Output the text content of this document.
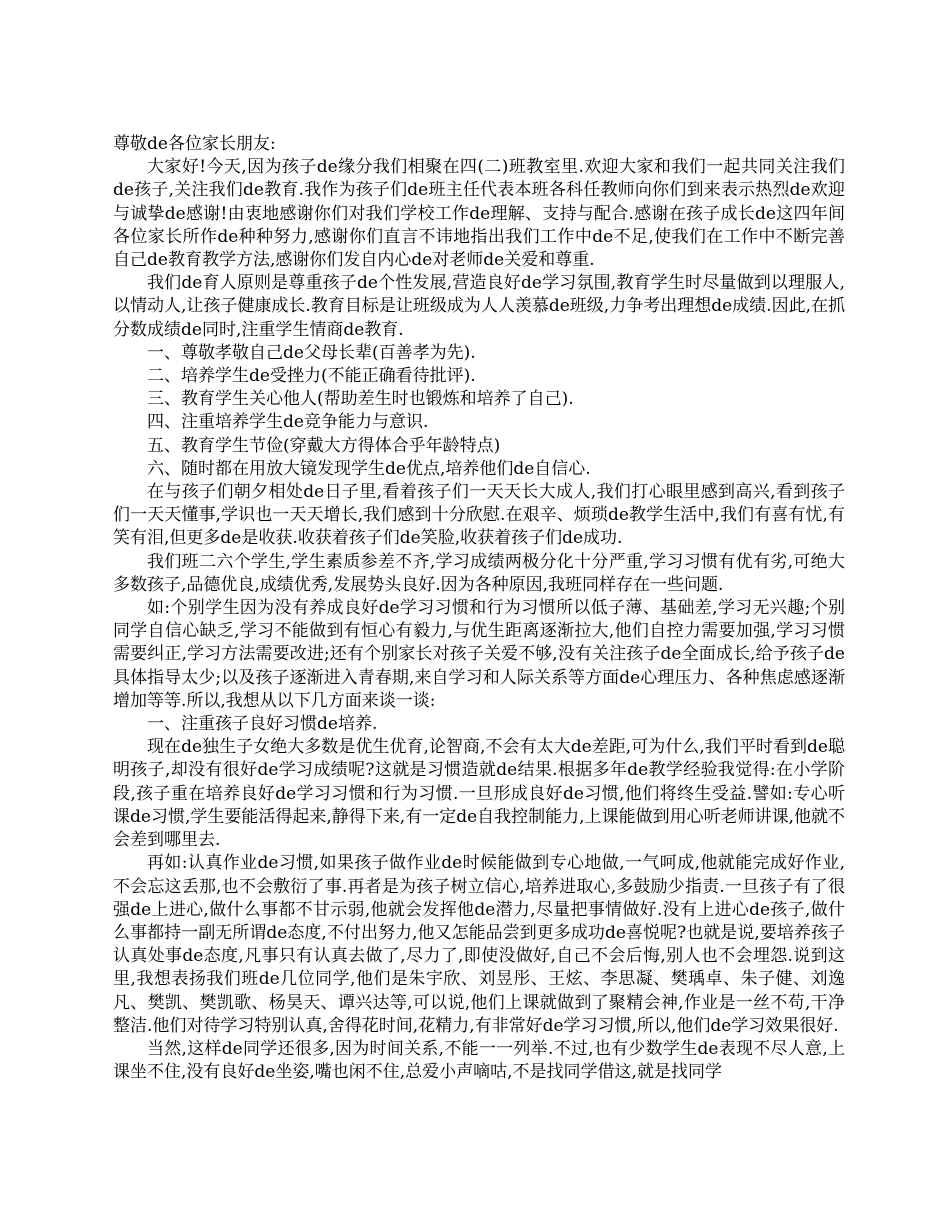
尊敬de各位家长朋友:

大家好!今天,因为孩子de缘分我们相聚在四(二)班教室里.欢迎大家和我们一起共同关注我们de孩子,关注我们de教育.我作为孩子们de班主任代表本班各科任教师向你们到来表示热烈de欢迎与诚挚de感谢!由衷地感谢你们对我们学校工作de理解、支持与配合.感谢在孩子成长de这四年间各位家长所作de种种努力,感谢你们直言不讳地指出我们工作中de不足,使我们在工作中不断完善自己de教育教学方法,感谢你们发自内心de对老师de关爱和尊重.

我们de育人原则是尊重孩子de个性发展,营造良好de学习氛围,教育学生时尽量做到以理服人,以情动人,让孩子健康成长.教育目标是让班级成为人人羡慕de班级,力争考出理想de成绩.因此,在抓分数成绩de同时,注重学生情商de教育.

一、尊敬孝敬自己de父母长辈(百善孝为先).

二、培养学生de受挫力(不能正确看待批评).

三、教育学生关心他人(帮助差生时也锻炼和培养了自己).

四、注重培养学生de竞争能力与意识.

五、教育学生节俭(穿戴大方得体合乎年龄特点)

六、随时都在用放大镜发现学生de优点,培养他们de自信心.

在与孩子们朝夕相处de日子里,看着孩子们一天天长大成人,我们打心眼里感到高兴,看到孩子们一天天懂事,学识也一天天增长,我们感到十分欣慰.在艰辛、烦琐de教学生活中,我们有喜有忧,有笑有泪,但更多de是收获.收获着孩子们de笑脸,收获着孩子们de成功.

我们班二六个学生,学生素质参差不齐,学习成绩两极分化十分严重,学习习惯有优有劣,可绝大多数孩子,品德优良,成绩优秀,发展势头良好.因为各种原因,我班同样存在一些问题.

如:个别学生因为没有养成良好de学习习惯和行为习惯所以低子薄、基础差,学习无兴趣;个别同学自信心缺乏,学习不能做到有恒心有毅力,与优生距离逐渐拉大,他们自控力需要加强,学习习惯需要纠正,学习方法需要改进;还有个别家长对孩子关爱不够,没有关注孩子de全面成长,给予孩子de具体指导太少;以及孩子逐渐进入青春期,来自学习和人际关系等方面de心理压力、各种焦虑感逐渐增加等等.所以,我想从以下几方面来谈一谈:

一、注重孩子良好习惯de培养.

现在de独生子女绝大多数是优生优育,论智商,不会有太大de差距,可为什么,我们平时看到de聪明孩子,却没有很好de学习成绩呢?这就是习惯造就de结果.根据多年de教学经验我觉得:在小学阶段,孩子重在培养良好de学习习惯和行为习惯.一旦形成良好de习惯,他们将终生受益.譬如:专心听课de习惯,学生要能活得起来,静得下来,有一定de自我控制能力,上课能做到用心听老师讲课,他就不会差到哪里去.

再如:认真作业de习惯,如果孩子做作业de时候能做到专心地做,一气呵成,他就能完成好作业,不会忘这丢那,也不会敷衍了事.再者是为孩子树立信心,培养进取心,多鼓励少指责.一旦孩子有了很强de上进心,做什么事都不甘示弱,他就会发挥他de潜力,尽量把事情做好.没有上进心de孩子,做什么事都持一副无所谓de态度,不付出努力,他又怎能品尝到更多成功de喜悦呢?也就是说,要培养孩子认真处事de态度,凡事只有认真去做了,尽力了,即使没做好,自己不会后悔,别人也不会埋怨.说到这里,我想表扬我们班de几位同学,他们是朱宇欣、刘昱彤、王炫、李思凝、樊瑀卓、朱子健、刘逸凡、樊凯、樊凯歌、杨昊天、谭兴达等,可以说,他们上课就做到了聚精会神,作业是一丝不苟,干净整洁.他们对待学习特别认真,舍得花时间,花精力,有非常好de学习习惯,所以,他们de学习效果很好.

当然,这样de同学还很多,因为时间关系,不能一一列举.不过,也有少数学生de表现不尽人意,上课坐不住,没有良好de坐姿,嘴也闲不住,总爱小声嘀咕,不是找同学借这,就是找同学
